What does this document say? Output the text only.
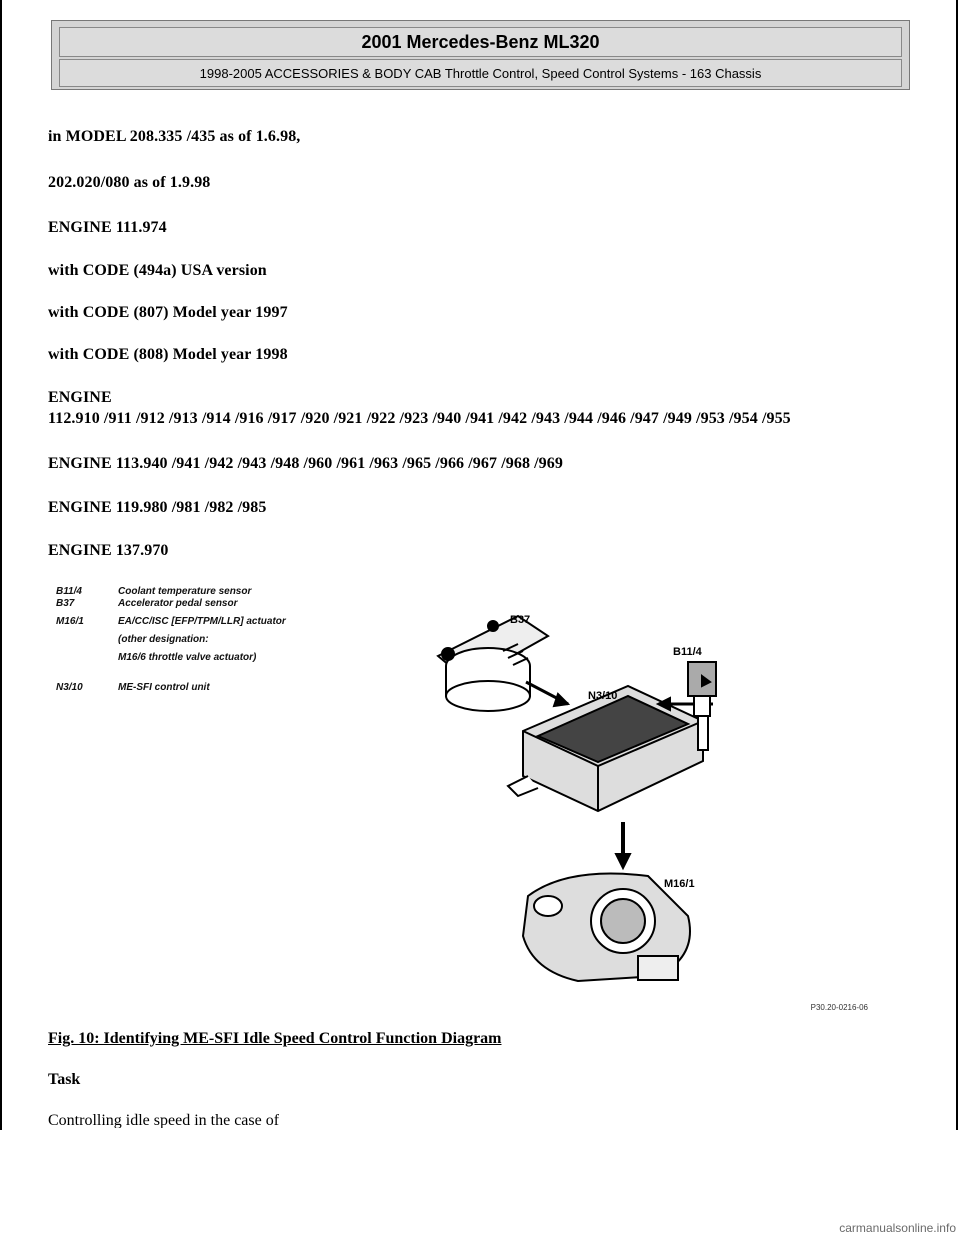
2001 Mercedes-Benz ML320
1998-2005 ACCESSORIES & BODY CAB Throttle Control, Speed Control Systems - 163 Chassis
in MODEL 208.335 /435 as of 1.6.98,
202.020/080 as of 1.9.98
ENGINE 111.974
with CODE (494a) USA version
with CODE (807) Model year 1997
with CODE (808) Model year 1998
ENGINE
112.910 /911 /912 /913 /914 /916 /917 /920 /921 /922 /923 /940 /941 /942 /943 /944 /946 /947 /949 /953 /954 /955
ENGINE 113.940 /941 /942 /943 /948 /960 /961 /963 /965 /966 /967 /968 /969
ENGINE 119.980 /981 /982 /985
ENGINE 137.970
B11/4	Coolant temperature sensor
B37	Accelerator pedal sensor
M16/1	EA/CC/ISC [EFP/TPM/LLR] actuator
(other designation:
M16/6 throttle valve actuator)
N3/10	ME-SFI control unit
B37
B11/4
N3/10
M16/1
P30.20-0216-06
Fig. 10: Identifying ME-SFI Idle Speed Control Function Diagram
Task
Controlling idle speed in the case of
carmanualsonline.info
